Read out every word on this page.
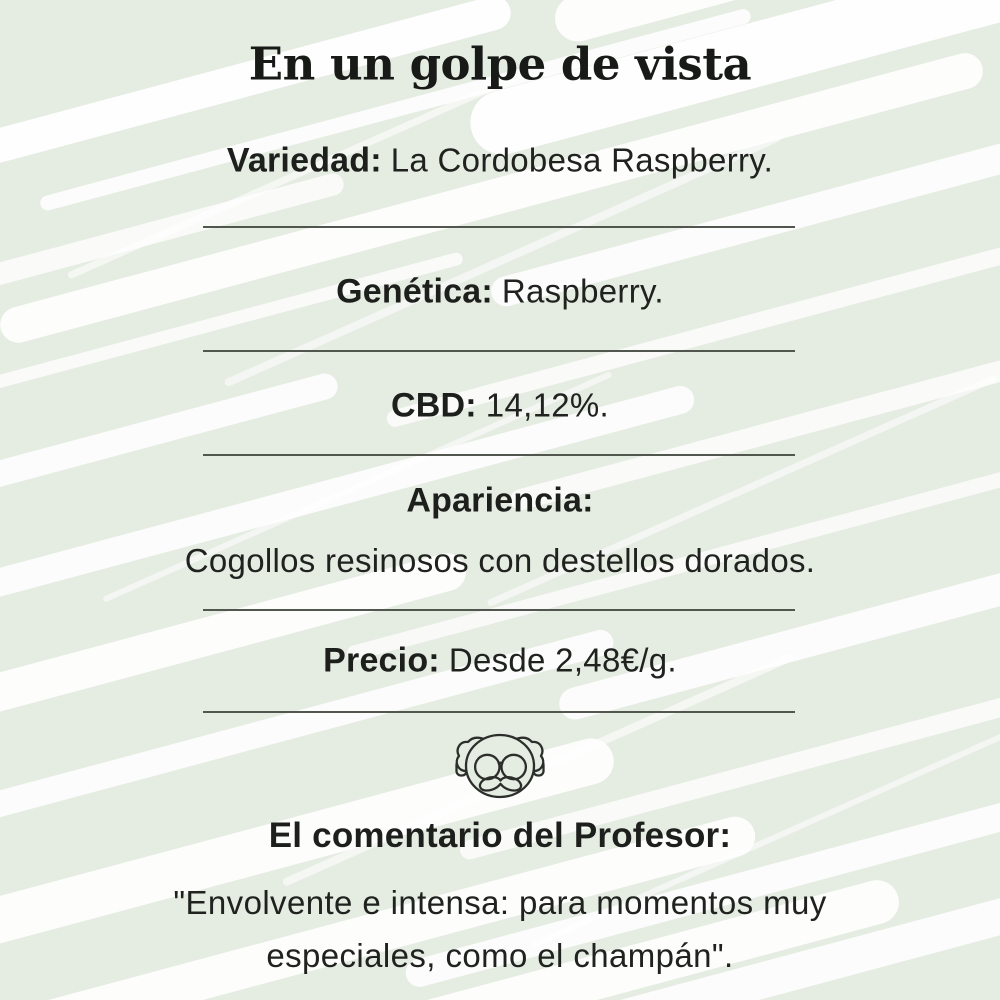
En un golpe de vista
Variedad: La Cordobesa Raspberry.
Genética: Raspberry.
CBD: 14,12%.
Apariencia:
Cogollos resinosos con destellos dorados.
Precio: Desde 2,48€/g.
El comentario del Profesor:
"Envolvente e intensa: para momentos muy
especiales, como el champán".
